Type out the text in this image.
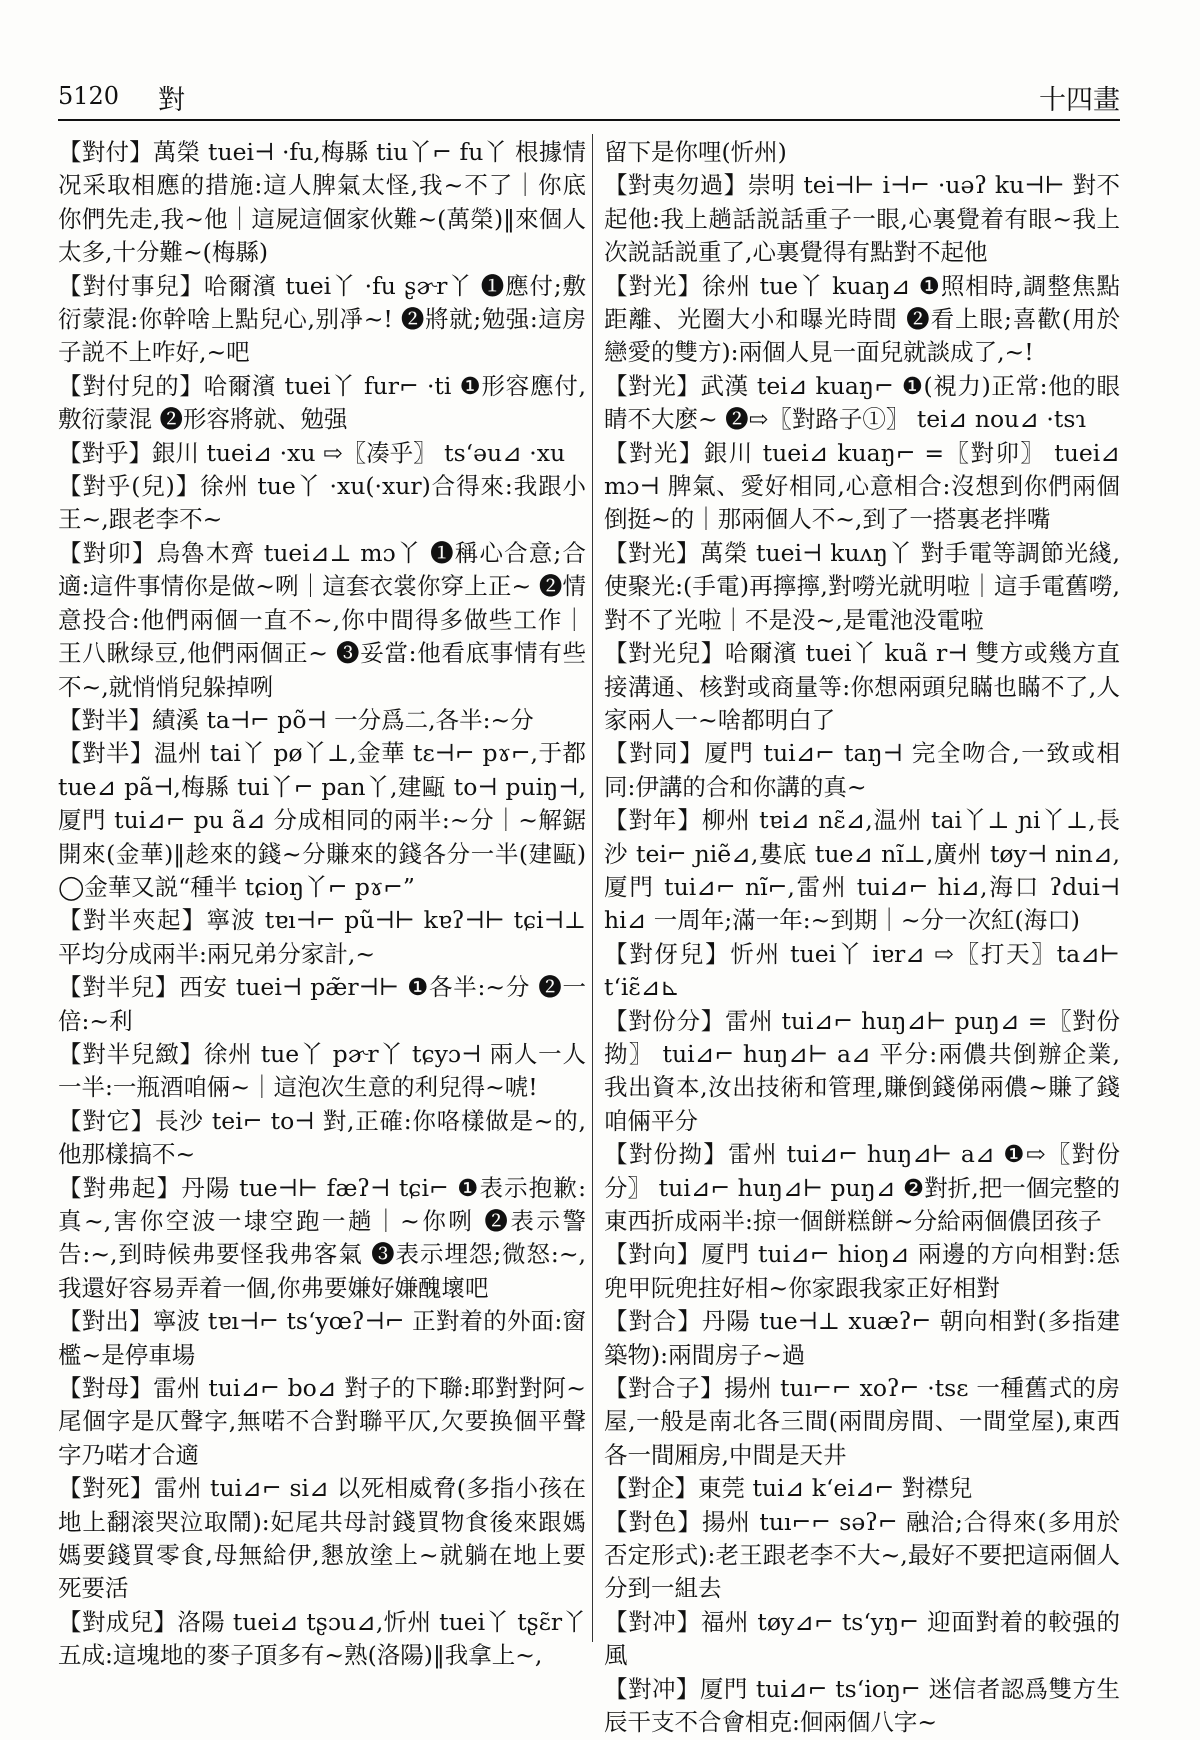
5120 對	十四畫

【對付】萬榮 tuei⊣ ·fu,梅縣 tiu丫⌐ fu丫 根據情况采取相應的措施:這人脾氣太怪,我~不了｜你底你們先走,我~他｜這屍這個家伙難~(萬榮)‖來個人太多,十分難~(梅縣)

【對付事兒】哈爾濱 tuei丫 ·fu ʂɚr丫 ❶應付;敷衍蒙混:你幹啥上點兒心,别凈~! ❷將就;勉强:這房子説不上咋好,~吧

【對付兒的】哈爾濱 tuei丫 fur⌐ ·ti ❶形容應付,敷衍蒙混 ❷形容將就、勉强

【對乎】銀川 tuei⊿ ·xu ⇨〖凑乎〗 tsʻəu⊿ ·xu

【對乎(兒)】徐州 tue丫 ·xu(·xur)合得來:我跟小王~,跟老李不~

【對卯】烏魯木齊 tuei⊿⊥ mɔ丫 ❶稱心合意;合適:這件事情你是做~咧｜這套衣裳你穿上正~ ❷情意投合:他們兩個一直不~,你中間得多做些工作｜王八瞅绿豆,他們兩個正~ ❸妥當:他看底事情有些不~,就悄悄兒躲掉咧

【對半】績溪 ta⊣⌐ põ⊣ 一分爲二,各半:~分

【對半】温州 tai丫 pø丫⊥,金華 tɛ⊣⌐ pɤ⌐,于都 tue⊿ pã⊣,梅縣 tui丫⌐ pan丫,建甌 to⊣ puiŋ⊣,厦門 tui⊿⌐ pu ã⊿ 分成相同的兩半:~分｜~解鋸開來(金華)‖趁來的錢~分賺來的錢各分一半(建甌) ◯金華又説“種半 tɕioŋ丫⌐ pɤ⌐”

【對半夾起】寧波 tɐı⊣⌐ pũ⊣⊢ kɐʔ⊣⊢ tɕi⊣⊥ 平均分成兩半:兩兄弟分家計,~

【對半兒】西安 tuei⊣ pæ̃r⊣⊢ ❶各半:~分 ❷一倍:~利

【對半兒緻】徐州 tue丫 pɚr丫 tɕyɔ⊣ 兩人一人一半:一瓶酒咱倆~｜這泡次生意的利兒得~唬!

【對它】長沙 tei⌐ to⊣ 對,正確:你咯樣做是~的,他那樣搞不~

【對弗起】丹陽 tue⊣⊢ fæʔ⊣ tɕi⌐ ❶表示抱歉:真~,害你空波一埭空跑一趟｜~你咧 ❷表示警告:~,到時候弗要怪我弗客氣 ❸表示埋怨;微怒:~,我還好容易弄着一個,你弗要嫌好嫌醜壞吧

【對出】寧波 tɐı⊣⌐ tsʻyœʔ⊣⌐ 正對着的外面:窗檻~是停車場

【對母】雷州 tui⊿⌐ bo⊿ 對子的下聯:耶對對阿~尾個字是仄聲字,無喏不合對聯平仄,欠要换個平聲字乃喏才合適

【對死】雷州 tui⊿⌐ si⊿ 以死相威脅(多指小孩在地上翻滚哭泣取鬧):妃尾共母討錢買物食後來跟媽媽要錢買零食,母無給伊,懇放塗上~就躺在地上要死要活

【對成兒】洛陽 tuei⊿ tʂɔu⊿,忻州 tuei丫 tʂɛ̃r丫 五成:這塊地的麥子頂多有~熟(洛陽)‖我拿上~,

留下是你哩(忻州)

【對夷勿過】崇明 tei⊣⊢ i⊣⌐ ·uəʔ ku⊣⊢ 對不起他:我上趟話説話重子一眼,心裏覺着有眼~我上次説話説重了,心裏覺得有點對不起他

【對光】徐州 tue丫 kuaŋ⊿ ❶照相時,調整焦點距離、光圈大小和曝光時間 ❷看上眼;喜歡(用於戀愛的雙方):兩個人見一面兒就談成了,~!

【對光】武漢 tei⊿ kuaŋ⌐ ❶(視力)正常:他的眼睛不大麽~ ❷⇨〖對路子①〗 tei⊿ nou⊿ ·tsɿ

【對光】銀川 tuei⊿ kuaŋ⌐ =〖對卯〗 tuei⊿ mɔ⊣ 脾氣、愛好相同,心意相合:沒想到你們兩個倒挺~的｜那兩個人不~,到了一搭裏老拌嘴

【對光】萬榮 tuei⊣ kuʌŋ丫 對手電等調節光綫,使聚光:(手電)再擰擰,對嘮光就明啦｜這手電舊嘮,對不了光啦｜不是没~,是電池没電啦

【對光兒】哈爾濱 tuei丫 kuã r⊣ 雙方或幾方直接溝通、核對或商量等:你想兩頭兒瞞也瞞不了,人家兩人一~啥都明白了

【對同】厦門 tui⊿⌐ taŋ⊣ 完全吻合,一致或相同:伊講的合和你講的真~

【對年】柳州 tɐi⊿ nɛ̃⊿,温州 tai丫⊥ ɲi丫⊥,長沙 tei⌐ ɲiẽ⊿,婁底 tue⊿ nĩ⊥,廣州 tøy⊣ nin⊿,厦門 tui⊿⌐ nĩ⌐,雷州 tui⊿⌐ hi⊿,海口 ʔdui⊣ hi⊿ 一周年;滿一年:~到期｜~分一次紅(海口)

【對伢兒】忻州 tuei丫 iɐr⊿ ⇨〖打天〗ta⊿⊢ tʻiɛ̃⊿⊾

【對份分】雷州 tui⊿⌐ huŋ⊿⊢ puŋ⊿ =〖對份拗〗 tui⊿⌐ huŋ⊿⊢ a⊿ 平分:兩儂共倒辦企業,我出資本,汝出技術和管理,賺倒錢俤兩儂~賺了錢咱倆平分

【對份拗】雷州 tui⊿⌐ huŋ⊿⊢ a⊿ ❶⇨〖對份分〗 tui⊿⌐ huŋ⊿⊢ puŋ⊿ ❷對折,把一個完整的東西折成兩半:掠一個餅糕餅~分給兩個儂囝孩子

【對向】厦門 tui⊿⌐ hioŋ⊿ 兩邊的方向相對:恁兜甲阮兜拄好相~你家跟我家正好相對

【對合】丹陽 tue⊣⊥ xuæʔ⌐ 朝向相對(多指建築物):兩間房子~過

【對合子】揚州 tuı⌐⌐ xoʔ⌐ ·tsɛ 一種舊式的房屋,一般是南北各三間(兩間房間、一間堂屋),東西各一間厢房,中間是天井

【對企】東莞 tui⊿ kʻei⊿⌐ 對襟兒

【對色】揚州 tuı⌐⌐ səʔ⌐ 融洽;合得來(多用於否定形式):老王跟老李不大~,最好不要把這兩個人分到一組去

【對冲】福州 tøy⊿⌐ tsʻyŋ⌐ 迎面對着的較强的風

【對冲】厦門 tui⊿⌐ tsʻioŋ⌐ 迷信者認爲雙方生辰干支不合會相克:佪兩個八字~
